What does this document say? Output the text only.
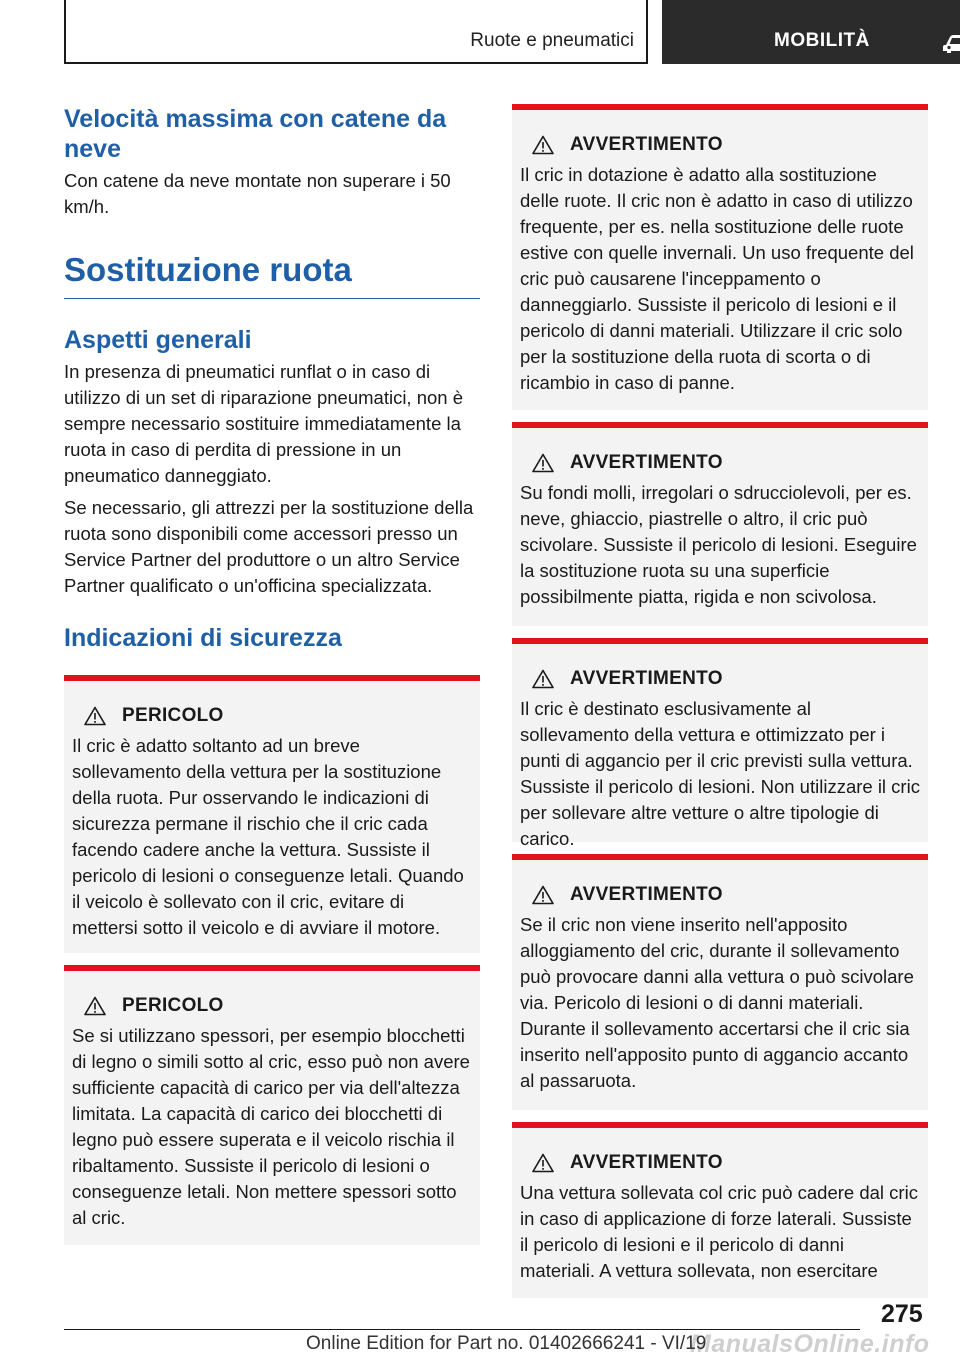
Ruote e pneumatici	MOBILITÀ
Velocità massima con catene da neve

Con catene da neve montate non superare i 50 km/h.

Sostituzione ruota
Aspetti generali

In presenza di pneumatici runflat o in caso di utilizzo di un set di riparazione pneumatici, non è sempre necessario sostituire immediatamente la ruota in caso di perdita di pressione in un pneumatico danneggiato.

Se necessario, gli attrezzi per la sostituzione della ruota sono disponibili come accessori presso un Service Partner del produttore o un altro Service Partner qualificato o un'officina specializzata.

Indicazioni di sicurezza
PERICOLO

Il cric è adatto soltanto ad un breve sollevamento della vettura per la sostituzione della ruota. Pur osservando le indicazioni di sicurezza permane il rischio che il cric cada facendo cadere anche la vettura. Sussiste il pericolo di lesioni o conseguenze letali. Quando il veicolo è sollevato con il cric, evitare di mettersi sotto il veicolo e di avviare il motore.

PERICOLO

Se si utilizzano spessori, per esempio blocchetti di legno o simili sotto al cric, esso può non avere sufficiente capacità di carico per via dell'altezza limitata. La capacità di carico dei blocchetti di legno può essere superata e il veicolo rischia il ribaltamento. Sussiste il pericolo di lesioni o conseguenze letali. Non mettere spessori sotto al cric.

AVVERTIMENTO

Il cric in dotazione è adatto alla sostituzione delle ruote. Il cric non è adatto in caso di utilizzo frequente, per es. nella sostituzione delle ruote estive con quelle invernali. Un uso frequente del cric può causarene l'inceppamento o danneggiarlo. Sussiste il pericolo di lesioni e il pericolo di danni materiali. Utilizzare il cric solo per la sostituzione della ruota di scorta o di ricambio in caso di panne.

AVVERTIMENTO

Su fondi molli, irregolari o sdrucciolevoli, per es. neve, ghiaccio, piastrelle o altro, il cric può scivolare. Sussiste il pericolo di lesioni. Eseguire la sostituzione ruota su una superficie possibilmente piatta, rigida e non scivolosa.

AVVERTIMENTO

Il cric è destinato esclusivamente al sollevamento della vettura e ottimizzato per i punti di aggancio per il cric previsti sulla vettura. Sussiste il pericolo di lesioni. Non utilizzare il cric per sollevare altre vetture o altre tipologie di carico.

AVVERTIMENTO

Se il cric non viene inserito nell'apposito alloggiamento del cric, durante il sollevamento può provocare danni alla vettura o può scivolare via. Pericolo di lesioni o di danni materiali. Durante il sollevamento accertarsi che il cric sia inserito nell'apposito punto di aggancio accanto al passaruota.

AVVERTIMENTO

Una vettura sollevata col cric può cadere dal cric in caso di applicazione di forze laterali. Sussiste il pericolo di lesioni e il pericolo di danni materiali. A vettura sollevata, non esercitare

275
ManualsOnline.info
Online Edition for Part no. 01402666241 - VI/19
